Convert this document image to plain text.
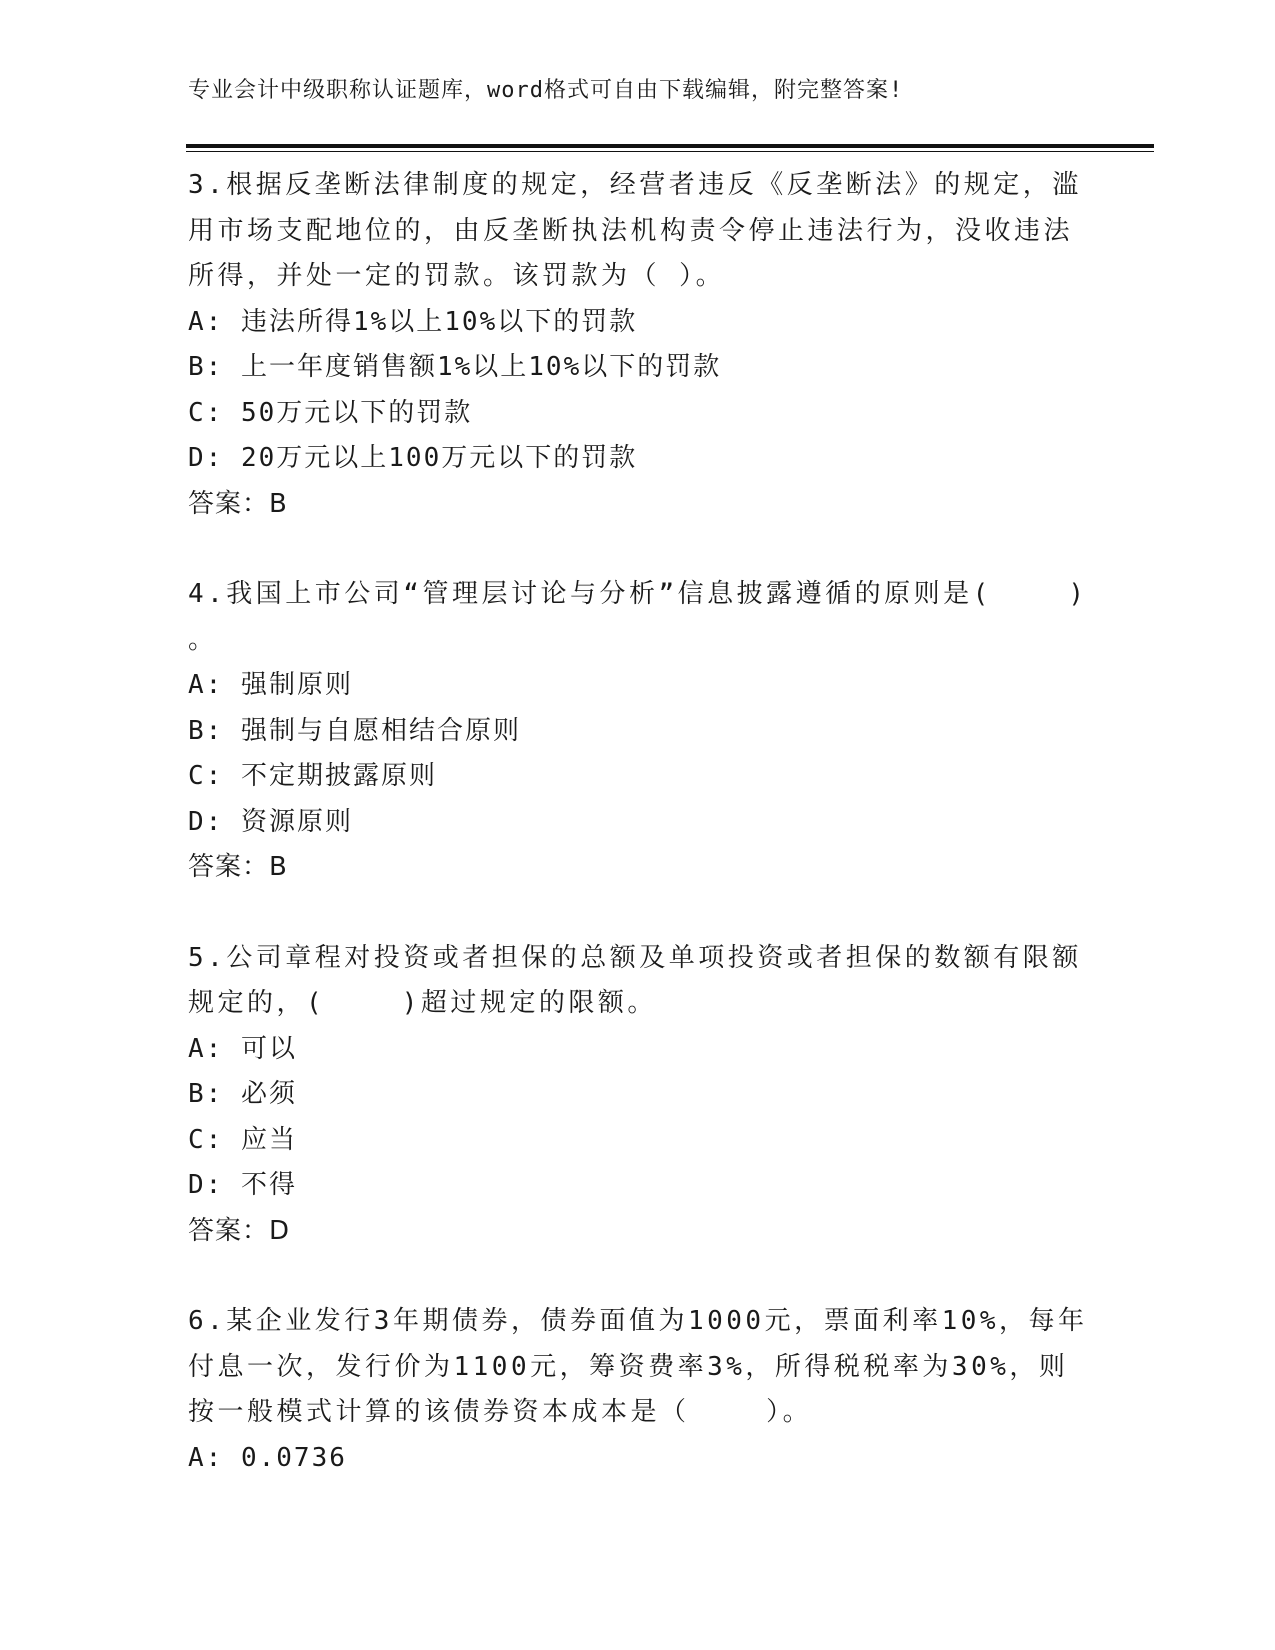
专业会计中级职称认证题库，word格式可自由下载编辑，附完整答案!
3.根据反垄断法律制度的规定，经营者违反《反垄断法》的规定，滥
用市场支配地位的，由反垄断执法机构责令停止违法行为，没收违法
所得，并处一定的罚款。该罚款为（ ）。
A: 违法所得1%以上10%以下的罚款
B: 上一年度销售额1%以上10%以下的罚款
C: 50万元以下的罚款
D: 20万元以上100万元以下的罚款
答案：B
4.我国上市公司“管理层讨论与分析”信息披露遵循的原则是(    )
。
A: 强制原则
B: 强制与自愿相结合原则
C: 不定期披露原则
D: 资源原则
答案：B
5.公司章程对投资或者担保的总额及单项投资或者担保的数额有限额
规定的，(    )超过规定的限额。
A: 可以
B: 必须
C: 应当
D: 不得
答案：D
6.某企业发行3年期债券，债券面值为1000元，票面利率10%，每年
付息一次，发行价为1100元，筹资费率3%，所得税税率为30%，则
按一般模式计算的该债券资本成本是（    ）。
A: 0.0736
